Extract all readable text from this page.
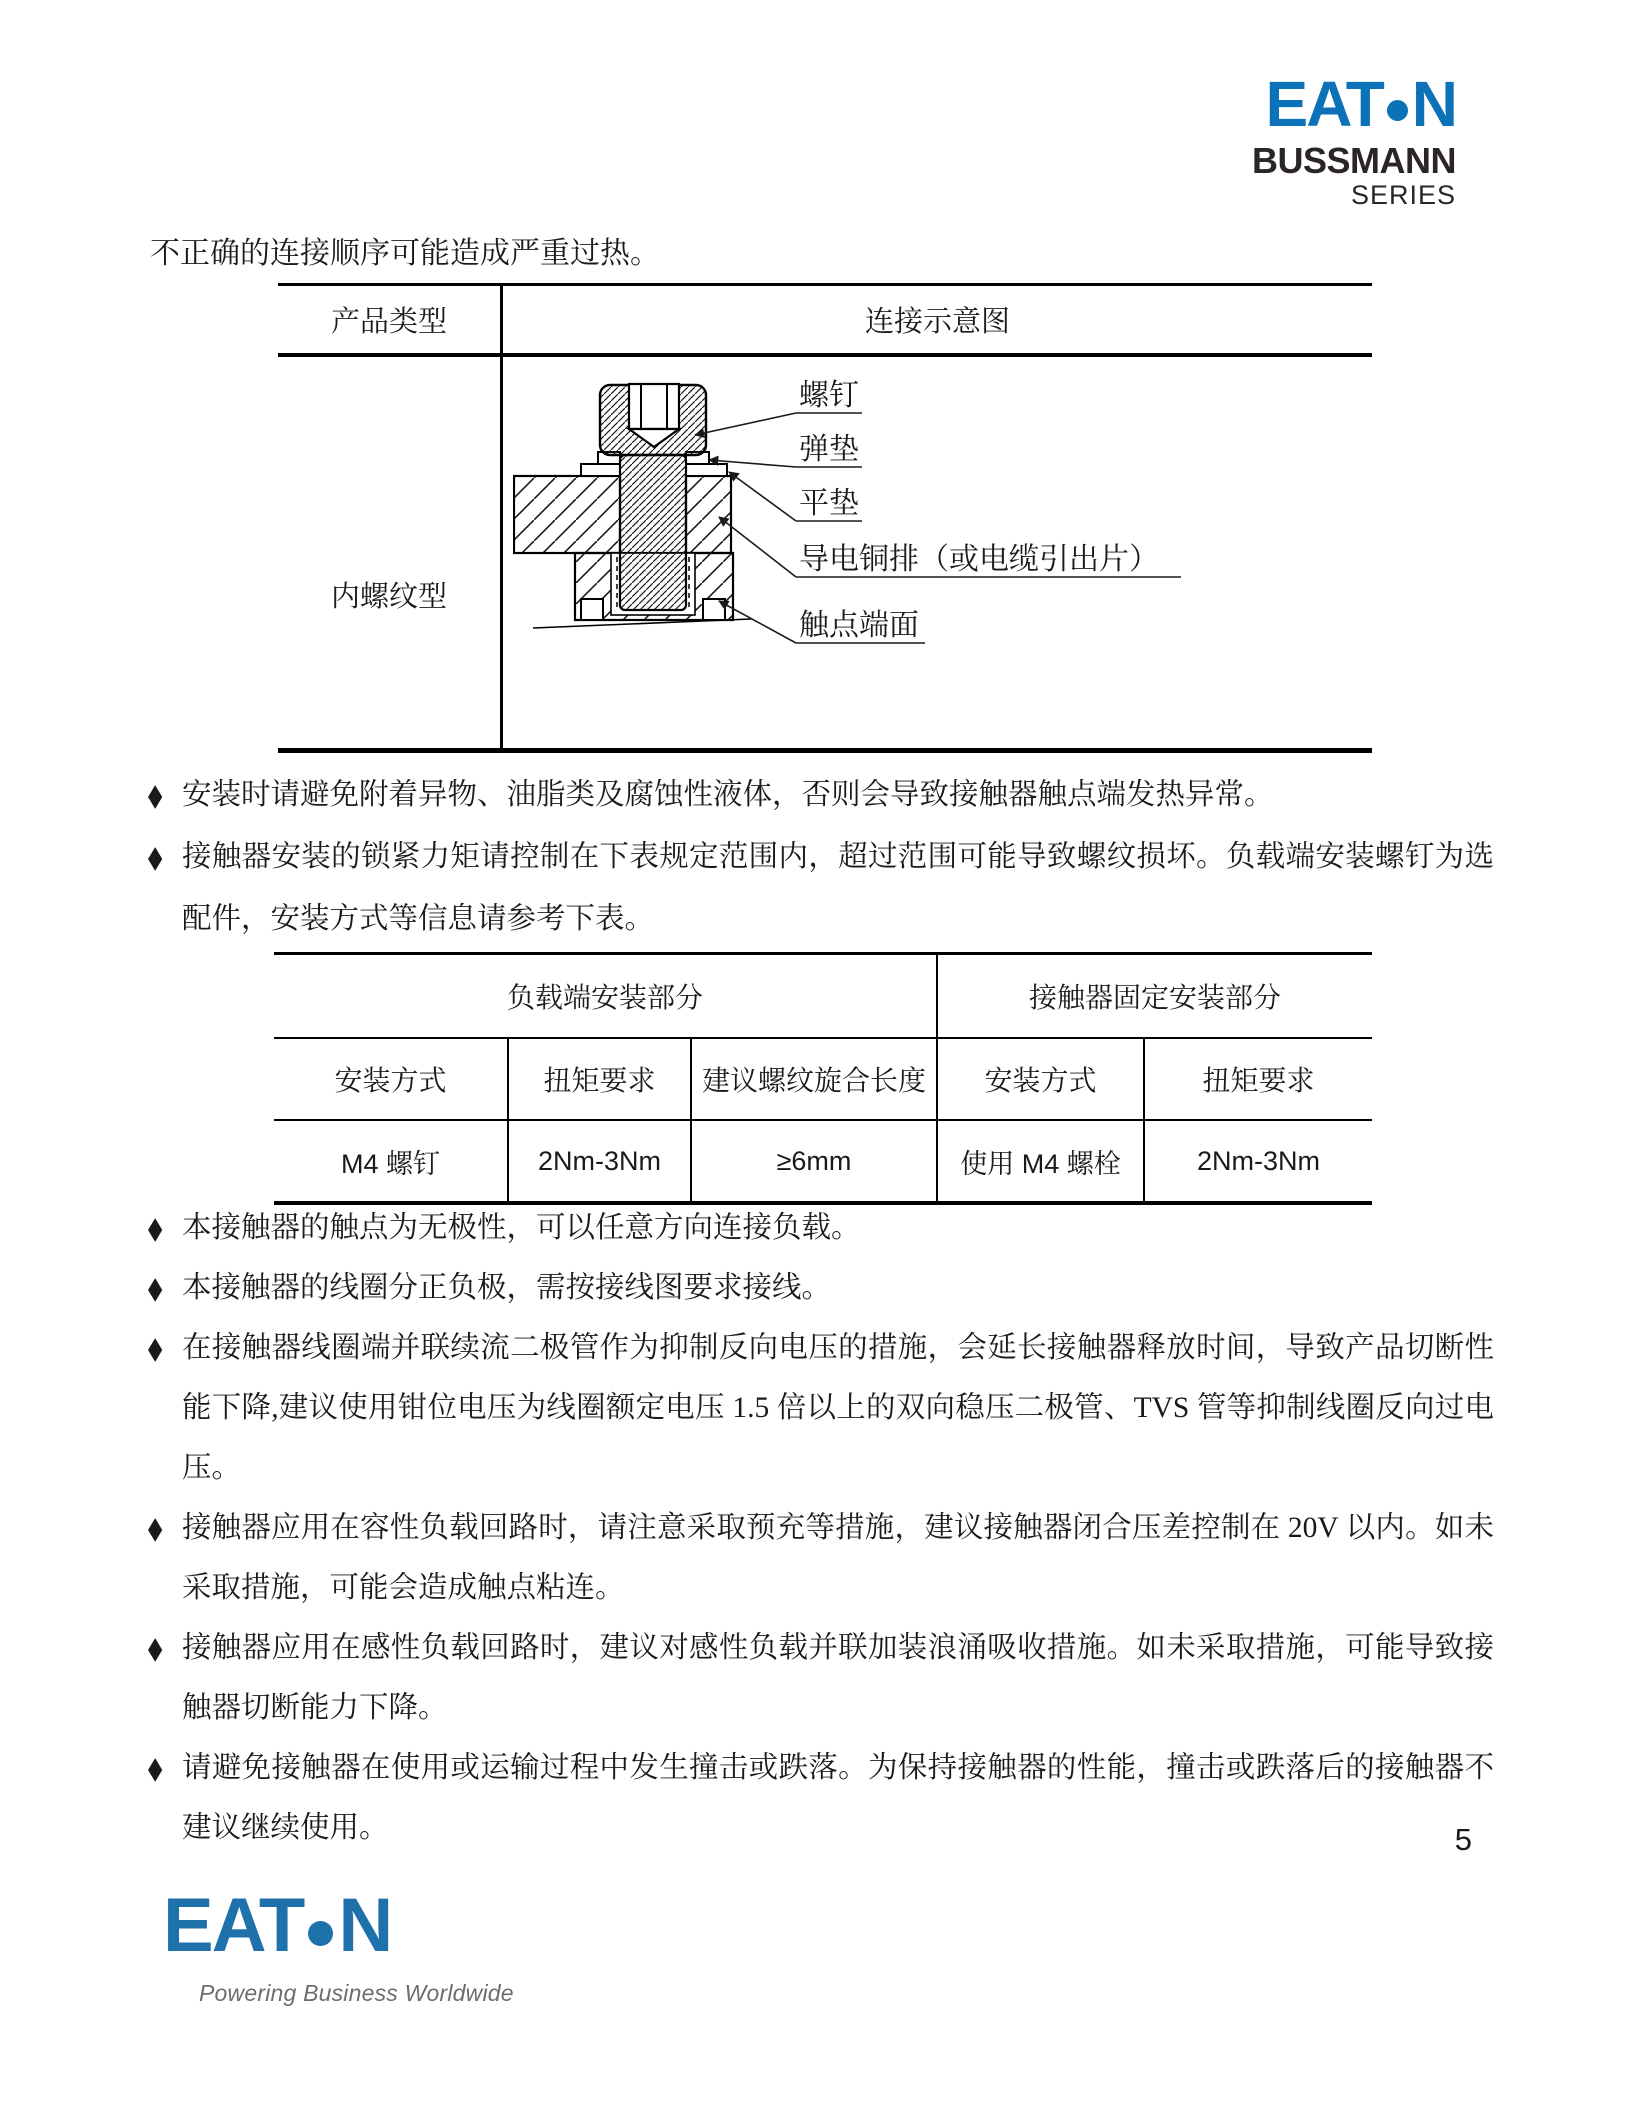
EAT N
BUSSMANN
SERIES
不正确的连接顺序可能造成严重过热。
产品类型	连接示意图
内螺纹型
螺钉
弹垫
平垫
导电铜排（或电缆引出片）
触点端面
◆ 安装时请避免附着异物、油脂类及腐蚀性液体，否则会导致接触器触点端发热异常。

◆ 接触器安装的锁紧力矩请控制在下表规定范围内，超过范围可能导致螺纹损坏。负载端安装螺钉为选配件，安装方式等信息请参考下表。

负载端安装部分	接触器固定安装部分
安装方式	扭矩要求	建议螺纹旋合长度	安装方式	扭矩要求
M4 螺钉	2Nm-3Nm	≥6mm	使用 M4 螺栓	2Nm-3Nm
◆ 本接触器的触点为无极性，可以任意方向连接负载。

◆ 本接触器的线圈分正负极，需按接线图要求接线。

◆ 在接触器线圈端并联续流二极管作为抑制反向电压的措施，会延长接触器释放时间，导致产品切断性能下降,建议使用钳位电压为线圈额定电压 1.5 倍以上的双向稳压二极管、TVS 管等抑制线圈反向过电压。

◆ 接触器应用在容性负载回路时，请注意采取预充等措施，建议接触器闭合压差控制在 20V 以内。如未采取措施，可能会造成触点粘连。

◆ 接触器应用在感性负载回路时，建议对感性负载并联加装浪涌吸收措施。如未采取措施，可能导致接触器切断能力下降。

◆ 请避免接触器在使用或运输过程中发生撞击或跌落。为保持接触器的性能，撞击或跌落后的接触器不建议继续使用。	5
EAT N
Powering Business Worldwide
